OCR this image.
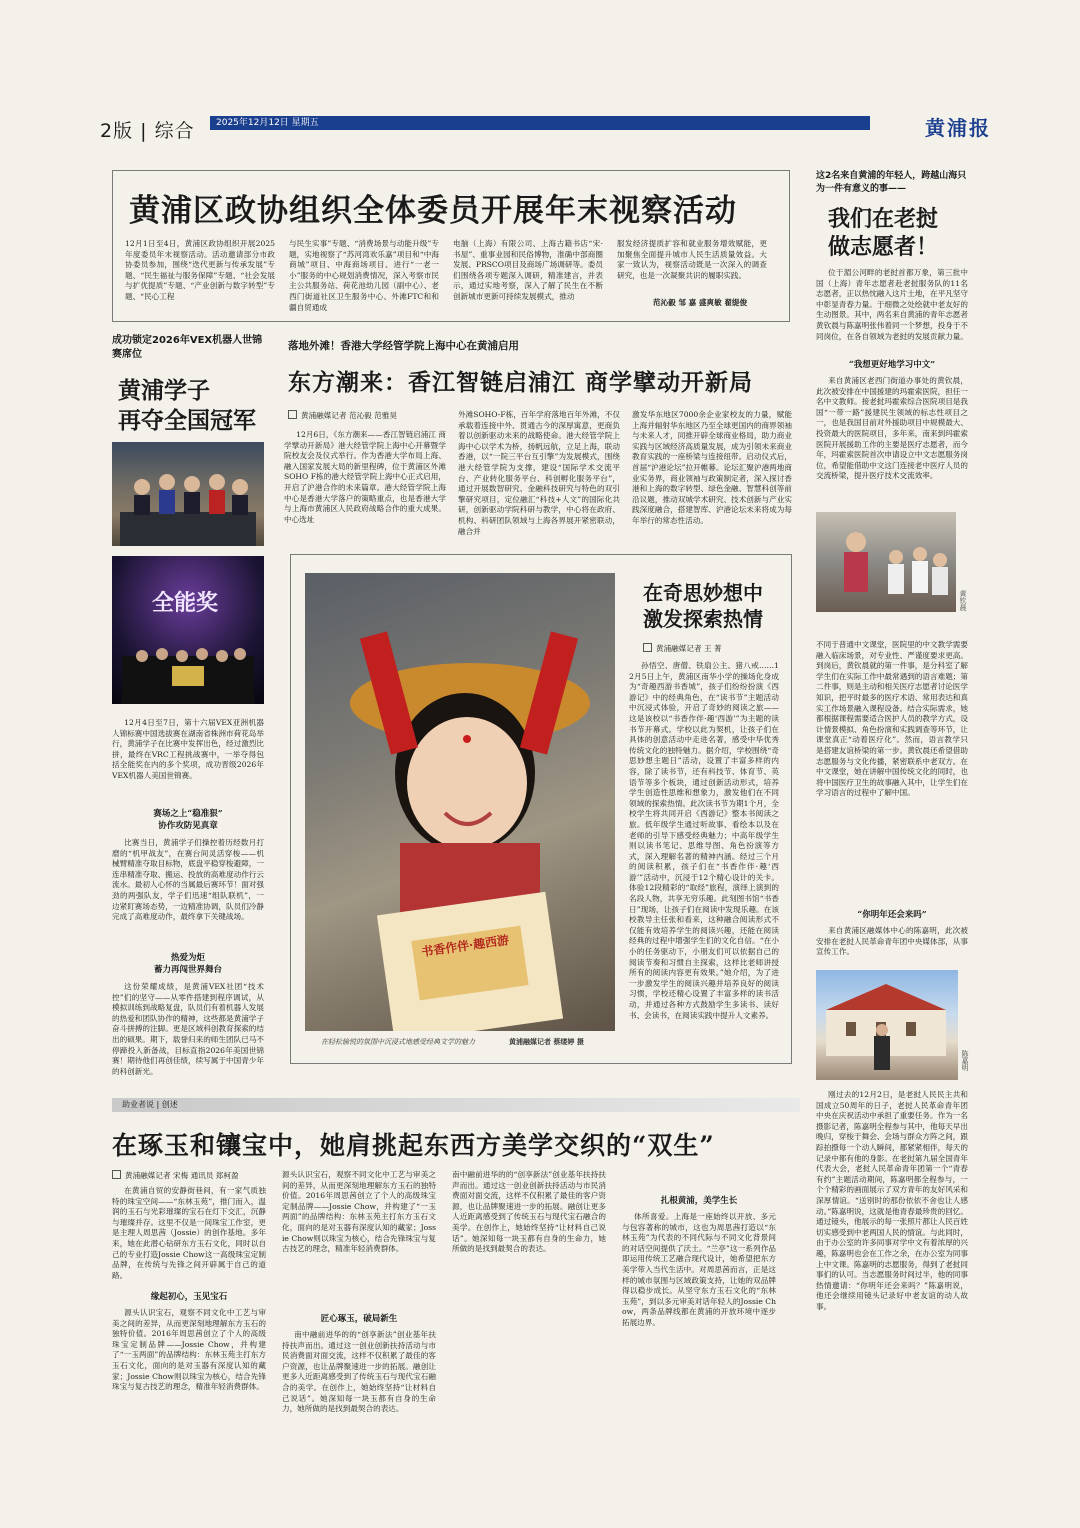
2版 | 综合	2025年12月12日 星期五	黄浦报
黄浦区政协组织全体委员开展年末视察活动
12月1日至4日，黄浦区政协组织开展2025年度委员年末视察活动。活动邀请部分市政协委员参加，围绕“迭代更新与传承发展”专题、“民生福祉与服务保障”专题、“社会发展与扩优提质”专题、“产业创新与数字转型”专题、“民心工程
与民生实事”专题、“消费场景与动能升级”专题，实地视察了“苏河湾欢乐嘉”项目和“中海商城”项目、中海商场项目、进行“一老一小”服务的中心规划消费情况，深入考察市民主公共服务站、荷花池幼儿园（副中心）、老西门街道社区卫生服务中心、外滩FTC和和疆自贸通成
电脑（上海）有限公司、上海古籍书店“宋·书屋”、重事业园和民俗博物，准确中部商圈发展、PRSCO项目及商场广场调研等。委员们围绕各项专题深入调研，精准建言，并表示，通过实地考察，深入了解了民生在不断创新城市更新可持续发展模式，推动
服发经济提质扩容和就业服务增效赋能，更加聚焦全面提升城市人民生活质量效益。大家一致认为，视察活动既是一次深入的调查研究，也是一次凝聚共识的履职实践。
范沁毅 邹 嘉 盛爽敏 翟缇俊
成功锁定2026年VEX机器人世锦赛席位
黄浦学子
再夺全国冠军
全能奖
12月4日至7日，第十六届VEX亚洲机器人锦标赛中国选拔赛在湖南省株洲市荷花岛举行，黄浦学子在比赛中发挥出色，经过激烈比拼，最终在VRC工程挑战赛中，一举夺得包括全能奖在内的多个奖项，成功晋级2026年VEX机器人美国世锦赛。
赛场之上“稳准狠”
协作攻防见真章
比赛当日，黄浦学子们操控着历经数月打磨的“机甲战友”，在赛台间灵活穿梭——机械臂精准夺取目标物，底盘平稳穿梭避障，一连串精准夺取、搬运、投放的高难度动作行云流水。最初人心怀的当属最后赛环节！面对强劲的两强队友，学子们迅速“组队联机”，一边紧盯赛场态势，一边精准协调，队员们冷静完成了高难度动作，最终拿下关键战场。
热爱为炬
蓄力再闯世界舞台
这份荣耀成绩，是黄浦VEX社团“技术控”们的坚守——从零件搭建到程序调试，从模拟训练到战略复盘，队员们有着机器人发展的热爱和团队协作的精神，这些都是黄浦学子奋斗拼搏的注脚。更是区域科创教育探索的结出的硕果。期下，载誉归来的师生团队已马不停蹄投入新备战，目标直指2026年美国世锦赛！期待他们再创佳绩，续写属于中国青少年的科创新光。
落地外滩！香港大学经管学院上海中心在黄浦启用
东方潮来：香江智链启浦江 商学擘动开新局
黄浦融媒记者 范沁毅 范雅昊
12月6日，《东方潮来——香江智链启浦江 商学擘动开新局》港大经管学院上海中心开幕暨学院校友会及仪式举行。作为香港大学布局上海、融入国家发展大局的新里程碑，位于黄浦区外滩SOHO F栋的港大经管学院上海中心正式启用，开启了沪港合作的未来篇章。港大经管学院上海中心是香港大学落户的策略重点，也是香港大学与上海市黄浦区人民政府战略合作的重大成果。中心选址
外滩SOHO-F栋，百年学府落地百年外滩，不仅承载着连接中外、贯通古今的深厚寓意，更商负着以创新驱动未来的战略使命。港大经管学院上海中心以学术为桥，扬帆远航，立足上海，联动香港，以“一院三平台互引擎”为发展模式，围绕港大经管学院为支撑，建设“国际学术交流平台、产业转化服务平台、科创孵化服务平台”，通过开展数智研究、金融科技研究与特色的双引擎研究项目，定位融汇“科技+人文”的国际化共研，创新驱动学院科研与教学，中心将在政府、机构、科研团队领域与上海各界展开紧密联动，融合并
激发华东地区7000余企业家校友的力量，赋能上海并辐射华东地区乃至全球更国内的商界领袖与未来人才，同推开辟全球商业格局，助力商业实践与区域经济高质量发展，成为引领未来商业教育实践的一座桥梁与连接纽带。启动仪式后，首届“沪港论坛”拉开帷幕。论坛汇聚沪港两地商业实务界，商业领袖与政策制定者，深入探讨香港和上海的数字转型、绿色金融、智慧科创等前沿议题，推动双城学术研究、技术创新与产业实践深度融合，搭建智库、沪港论坛未来将成为每年举行的常态性活动。
书香作伴·趣西游
在轻松愉悦的氛围中沉浸式地感受经典文学的魅力	黄浦融媒记者 蔡缕婷 摄
在奇思妙想中
激发探索热情
黄浦融媒记者 王 菁
孙悟空、唐僧、铁扇公主、猪八戒……12月5日上午，黄浦区南华小学的操场化身成为“奇趣西游书香城”，孩子们纷纷扮演《西游记》中的经典角色，在“读书节”主题活动中沉浸式体验，开启了奇妙的阅读之旅——这是该校以“书香作伴·趣‘西游’”为主题的读书节开幕式。学校以此为契机，让孩子们在具体的创意活动中走进名著，感受中华优秀传统文化的独特魅力。据介绍，学校围绕“奇思妙想主题日”活动，设置了丰富多样的内容，除了读书节，还有科技节、体育节、英语节等多个板块，通过创新活动形式，培养学生创造性思维和想象力，激发他们在不同领域的探索热情。此次读书节为期1个月，全校学生将共同开启《西游记》整本书阅读之旅。低年级学生通过听故事、看绘本以及在老师的引导下感受经典魅力；中高年级学生则以读书笔记、思维导图、角色扮演等方式，深入理解名著的精神内涵。经过三个月的阅读积累，孩子们在“书香作伴·趣‘西游’”活动中，沉浸于12个精心设计的关卡。体验12段精彩的“取经”旅程，演绎上演到的名段人物，共享无穷乐趣。此刻图书馆“书香日”现场，让孩子们在阅读中发现乐趣。在该校教导主任张和看来，这种融合阅读形式不仅能有效培养学生的阅读兴趣，还能在阅读经典的过程中增强学生们的文化自信。“在小小的任务驱动下，小朋友们可以依据自己的阅读节奏和习惯自主探索，这样比老师讲授所有的阅读内容更有效果。”她介绍，为了进一步激发学生的阅读兴趣并培养良好的阅读习惯，学校还精心设置了丰富多样的读书活动，并通过各种方式鼓励学生多读书、读好书、会读书，在阅读实践中提升人文素养。
这2名来自黄浦的年轻人，跨越山海只为一件有意义的事——
我们在老挝
做志愿者！
位于湄公河畔的老挝首都万象，第三批中国（上海）青年志愿者赴老挝服务队的11名志愿者，正以热忱融入这片土地，在平凡坚守中彰显青春力量。于细微之处绘就中老友好的生动图景。其中，两名来自黄浦的青年志愿者黄钦晨与陈嘉明张伟着同一个梦想，投身于不同岗位，在各自领域为老挝的发展贡献力量。
“我想更好地学习中文”
来自黄浦区老西门街道办事处的黄钦晨，此次被安排在中国援建的玛霍索医院，担任一名中文教师。接老挝玛霍索综合医院项目是我国“一带一路”援建民生领域的标志性项目之一，也是我国目前对外援助项目中规模最大、投资最大的医院项目，多年来，南来到玛霍索医院开展援助工作的主要是医疗志愿者，而今年，玛霍索医院首次申请设立中文志愿服务岗位，希望能借助中文这门连接老中医疗人员的交流桥梁，提升医疗技术交流效率。
黄钦晨
不同于普通中文课堂，医院里的中文教学需要融入临床场景，对专业性、严谨度要求更高。到岗后，黄钦晨就的第一件事，是分科室了解学生们在实际工作中最常遇到的语言难题；第二件事，则是主动和相关医疗志愿者讨论医学知识，把平时最多的医疗术语、常用表达和真实工作场景融入课程设备。结合实际需求，她都根据课程需要适合医护人员的教学方式，设计情景模拟、角色扮演和实践调查等环节，让课堂真正“动着医疗化”。然而，语言教学只是搭建友谊桥梁的第一步。黄钦晨还希望借助志愿服务与文化传播，紧密联系中老双方。在中文课堂，她在讲解中国传统文化的同时，也将中国医疗卫生的故事融入其中，让学生们在学习语言的过程中了解中国。
“你明年还会来吗”
来自黄浦区融媒体中心的陈嘉明，此次被安排在老挝人民革命青年团中央媒体部，从事宣传工作。
陈嘉明
刚过去的12月2日，是老挝人民民主共和国成立50周年的日子，老挝人民革命青年团中央在庆祝活动中承担了重要任务。作为一名摄影记者，陈嘉明全程参与其中，他每天早出晚归，穿梭于舞会、会场与群众方阵之间，跟踪拍摄每一个动人瞬间，都紧紧相伴，每天的记录中都有他的身影。在老挝第九届全国青年代表大会，老挝人民革命青年团第一个“青春有约”主题活动期间，陈嘉明都全程参与，一个个精彩的画面展示了双方青年的友好风采和深厚情谊。“送别时的那份依依不舍也让人感动。”陈嘉明说，这就是他青春最珍贵的回忆。通过镜头，他展示的每一张照片都让人民百姓切实感受到中老两国人民的情谊。与此同时，由于办公室的许多同事对学中文有着浓厚的兴趣，陈嘉明也会在工作之余，在办公室为同事上中文课。陈嘉明的志愿服务，得到了老挝同事们的认可。当志愿服务时间过半，他的同事热情邀请：“你明年还会来吗？”陈嘉明说，他还会继续用镜头记录好中老友谊的动人故事。
助业者说 | 创述
在琢玉和镶宝中，她肩挑起东西方美学交织的“双生”
黄浦融媒记者 宋梅 通讯员 郑柯盈
在黄浦自贸的安静街巷间，有一家气质独特的珠宝空间——“东林玉苑”，推门而入，温润的玉石与光彩璀璨的宝石在灯下交汇，沉静与璀璨并存。这里不仅是一间珠宝工作室，更是主理人周思茜（Jossie）的创作基地。多年来，她在此潜心钻研东方玉石文化，同时以自己的专业打造Jossie Chow这一高级珠宝定制品牌，在传统与先锋之间开辟属于自己的道路。
缘起初心，玉见宝石
源头认识宝石，观察不同文化中工艺与审美之间的差异，从而更深刻地理解东方玉石的独特价值。2016年周思茜创立了个人的高级珠宝定制品牌——Jossie Chow，并构建了“一玉两面”的品牌结构：东林玉苑主打东方玉石文化，面向的是对玉器有深度认知的藏家；Jossie Chow则以珠宝为核心，结合先锋珠宝与复古技艺的理念，精准年轻消费群体。
源头认识宝石，观察不同文化中工艺与审美之间的差异，从而更深刻地理解东方玉石的独特价值。2016年周思茜创立了个人的高级珠宝定制品牌——Jossie Chow，并构建了“一玉两面”的品牌结构：东林玉苑主打东方玉石文化，面向的是对玉器有深度认知的藏家；Jossie Chow则以珠宝为核心，结合先锋珠宝与复古技艺的理念，精准年轻消费群体。
匠心琢玉，破局新生
南中融前进华的的“创享新法”创业基年扶持扶声而出。通过这一创业创新扶持活动与市民消费面对面交流，这样不仅积累了最佳的客户资源，也让品牌聚速进一步的拓展。融创让更多人近距离感受到了传统玉石与现代宝石融合的美学。在创作上，她始终坚持“让材料自己说话”。她深知每一块玉都有自身的生命力，她所做的是找到最契合的表达。
南中融前进华的的“创享新法”创业基年扶持扶声而出。通过这一创业创新扶持活动与市民消费面对面交流，这样不仅积累了最佳的客户资源，也让品牌聚速进一步的拓展。融创让更多人近距离感受到了传统玉石与现代宝石融合的美学。在创作上，她始终坚持“让材料自己说话”。她深知每一块玉都有自身的生命力，她所做的是找到最契合的表达。
扎根黄浦，美学生长
体所喜爱。上海是一座始终以开放、多元与包容著称的城市，这也为周思茜打造以“东林玉苑”为代表的不同代际与不同文化背景间的对话空间提供了沃土。“兰亭”这一系列作品即运用传统工艺融合现代设计，她希望把东方美学带入当代生活中。对周思茜而言，正是这样的城市氛围与区域政策支持，让她的双品牌得以稳步成长。从坚守东方玉石文化的“东林玉苑”，到以多元审美对话年轻人的Jossie Chow，两条品牌线都在黄浦的开放环境中逐步拓展边界。
